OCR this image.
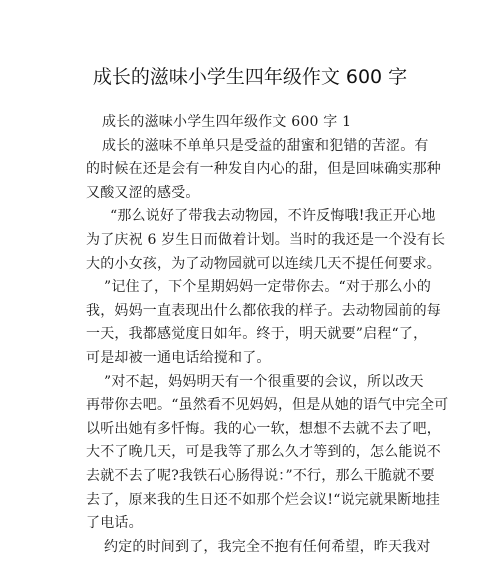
成长的滋味小学生四年级作文 600 字
成长的滋味小学生四年级作文 600 字 1
成长的滋味不单单只是受益的甜蜜和犯错的苦涩。有
的时候在还是会有一种发自内心的甜，但是回味确实那种
又酸又涩的感受。
“那么说好了带我去动物园，不许反悔哦!我正开心地
为了庆祝 6 岁生日而做着计划。当时的我还是一个没有长
大的小女孩，为了动物园就可以连续几天不提任何要求。
”记住了，下个星期妈妈一定带你去。“对于那么小的
我，妈妈一直表现出什么都依我的样子。去动物园前的每
一天，我都感觉度日如年。终于，明天就要”启程“了，
可是却被一通电话给搅和了。
”对不起，妈妈明天有一个很重要的会议，所以改天
再带你去吧。“虽然看不见妈妈，但是从她的语气中完全可
以听出她有多忏悔。我的心一软，想想不去就不去了吧，
大不了晚几天，可是我等了那么久才等到的，怎么能说不
去就不去了呢?我铁石心肠得说：”不行，那么干脆就不要
去了，原来我的生日还不如那个烂会议!“说完就果断地挂
了电话。
约定的时间到了，我完全不抱有任何希望，昨天我对
